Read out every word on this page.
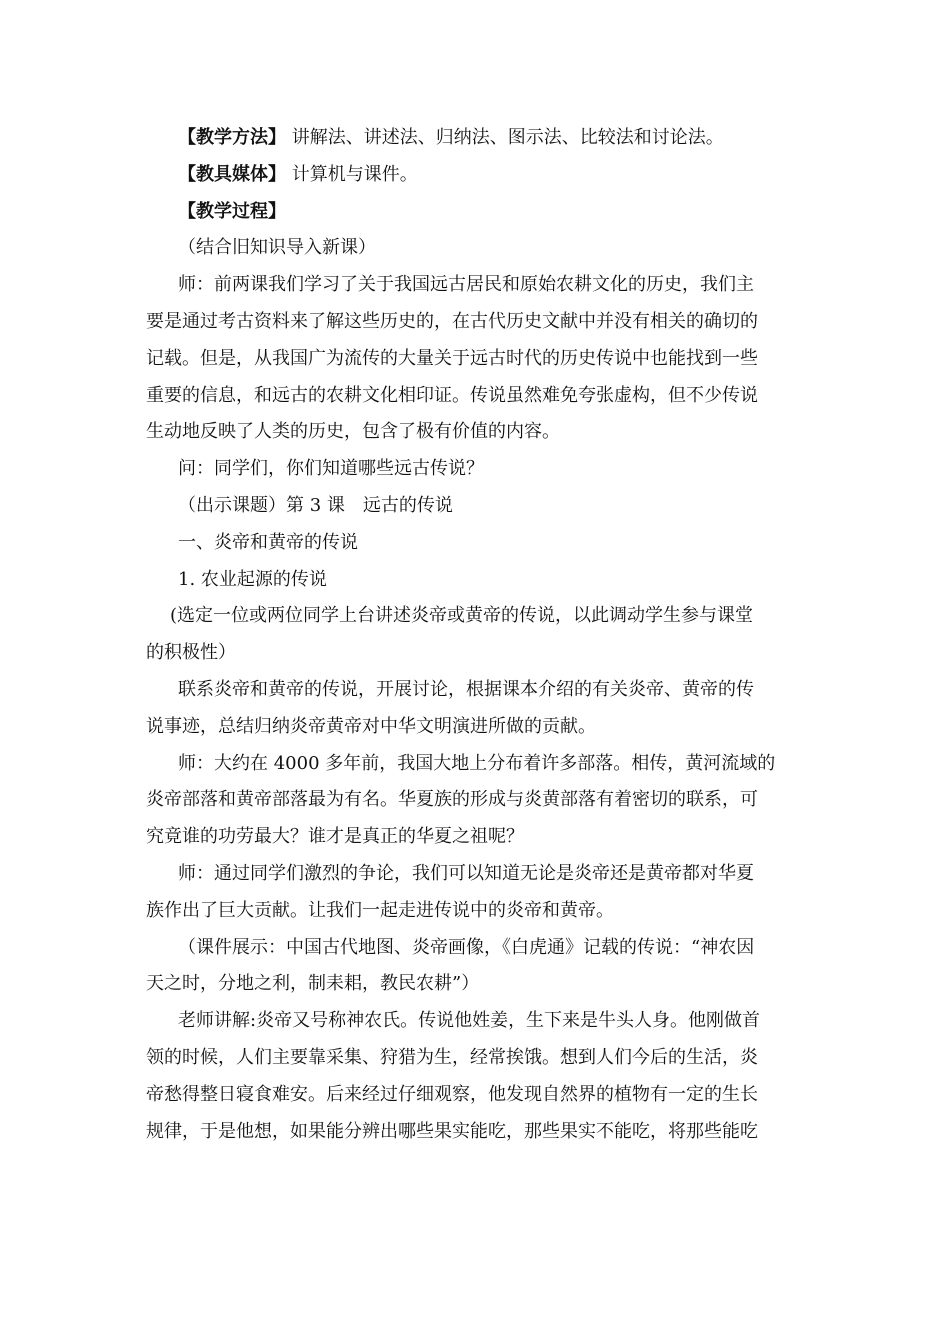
【教学方法】 讲解法、讲述法、归纳法、图示法、比较法和讨论法。
【教具媒体】 计算机与课件。
【教学过程】
（结合旧知识导入新课）
师：前两课我们学习了关于我国远古居民和原始农耕文化的历史，我们主
要是通过考古资料来了解这些历史的，在古代历史文献中并没有相关的确切的
记载。但是，从我国广为流传的大量关于远古时代的历史传说中也能找到一些
重要的信息，和远古的农耕文化相印证。传说虽然难免夸张虚构，但不少传说
生动地反映了人类的历史，包含了极有价值的内容。
问：同学们，你们知道哪些远古传说？
（出示课题）第 3 课　远古的传说
一、炎帝和黄帝的传说
1. 农业起源的传说
(选定一位或两位同学上台讲述炎帝或黄帝的传说，以此调动学生参与课堂
的积极性）
联系炎帝和黄帝的传说，开展讨论，根据课本介绍的有关炎帝、黄帝的传
说事迹，总结归纳炎帝黄帝对中华文明演进所做的贡献。
师：大约在 4000 多年前，我国大地上分布着许多部落。相传，黄河流域的
炎帝部落和黄帝部落最为有名。华夏族的形成与炎黄部落有着密切的联系，可
究竟谁的功劳最大？谁才是真正的华夏之祖呢？
师：通过同学们激烈的争论，我们可以知道无论是炎帝还是黄帝都对华夏
族作出了巨大贡献。让我们一起走进传说中的炎帝和黄帝。
（课件展示：中国古代地图、炎帝画像，《白虎通》记载的传说：“神农因
天之时，分地之利，制耒耜，教民农耕”）
老师讲解:炎帝又号称神农氏。传说他姓姜，生下来是牛头人身。他刚做首
领的时候，人们主要靠采集、狩猎为生，经常挨饿。想到人们今后的生活，炎
帝愁得整日寝食难安。后来经过仔细观察，他发现自然界的植物有一定的生长
规律，于是他想，如果能分辨出哪些果实能吃，那些果实不能吃，将那些能吃
